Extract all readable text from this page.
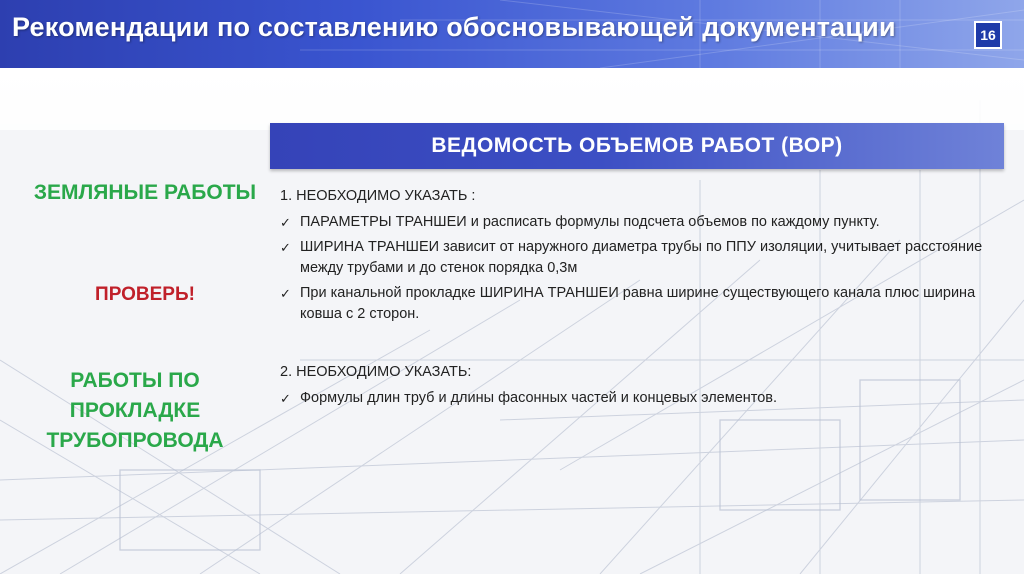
Рекомендации по составлению обосновывающей документации	16
ВЕДОМОСТЬ ОБЪЕМОВ РАБОТ (ВОР)
ЗЕМЛЯНЫЕ РАБОТЫ
ПРОВЕРЬ!
РАБОТЫ ПО
ПРОКЛАДКЕ
ТРУБОПРОВОДА
1. НЕОБХОДИМО УКАЗАТЬ :
✓ ПАРАМЕТРЫ ТРАНШЕИ и расписать формулы подсчета объемов по каждому пункту.
✓ ШИРИНА ТРАНШЕИ зависит от наружного диаметра трубы по ППУ изоляции, учитывает расстояние между трубами и до стенок порядка 0,3м
✓ При канальной прокладке ШИРИНА ТРАНШЕИ равна ширине существующего канала плюс ширина ковша с 2 сторон.
2. НЕОБХОДИМО УКАЗАТЬ:
✓ Формулы длин труб и длины фасонных частей и концевых элементов.
